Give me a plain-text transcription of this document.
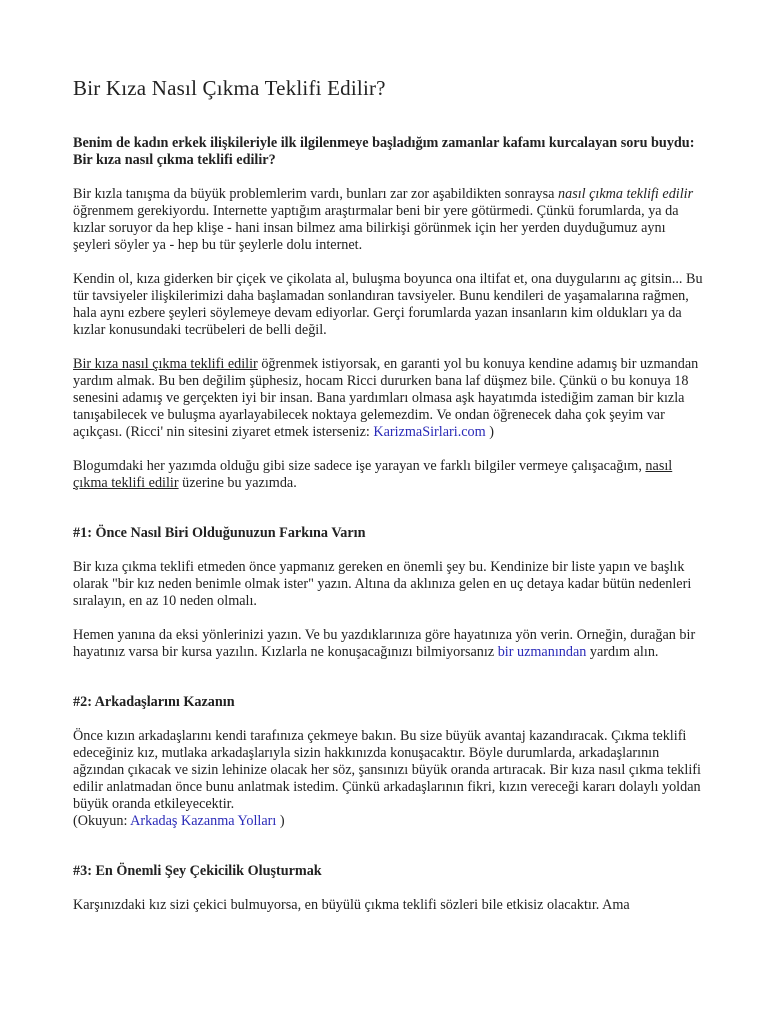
Bir Kıza Nasıl Çıkma Teklifi Edilir?

Benim de kadın erkek ilişkileriyle ilk ilgilenmeye başladığım zamanlar kafamı kurcalayan soru buydu: Bir kıza nasıl çıkma teklifi edilir?

Bir kızla tanışma da büyük problemlerim vardı, bunları zar zor aşabildikten sonraysa nasıl çıkma teklifi edilir öğrenmem gerekiyordu. Internette yaptığım araştırmalar beni bir yere götürmedi. Çünkü forumlarda, ya da kızlar soruyor da hep klişe - hani insan bilmez ama bilirkişi görünmek için her yerden duyduğumuz aynı şeyleri söyler ya - hep bu tür şeylerle dolu internet.

Kendin ol, kıza giderken bir çiçek ve çikolata al, buluşma boyunca ona iltifat et, ona duygularını aç gitsin... Bu tür tavsiyeler ilişkilerimizi daha başlamadan sonlandıran tavsiyeler. Bunu kendileri de yaşamalarına rağmen, hala aynı ezbere şeyleri söylemeye devam ediyorlar. Gerçi forumlarda yazan insanların kim oldukları ya da kızlar konusundaki tecrübeleri de belli değil.

Bir kıza nasıl çıkma teklifi edilir öğrenmek istiyorsak, en garanti yol bu konuya kendine adamış bir uzmandan yardım almak. Bu ben değilim şüphesiz, hocam Ricci dururken bana laf düşmez bile. Çünkü o bu konuya 18 senesini adamış ve gerçekten iyi bir insan. Bana yardımları olmasa aşk hayatımda istediğim zaman bir kızla tanışabilecek ve buluşma ayarlayabilecek noktaya gelemezdim. Ve ondan öğrenecek daha çok şeyim var açıkçası. (Ricci' nin sitesini ziyaret etmek isterseniz: KarizmaSirlari.com )

Blogumdaki her yazımda olduğu gibi size sadece işe yarayan ve farklı bilgiler vermeye çalışacağım, nasıl çıkma teklifi edilir üzerine bu yazımda.

#1: Önce Nasıl Biri Olduğunuzun Farkına Varın

Bir kıza çıkma teklifi etmeden önce yapmanız gereken en önemli şey bu. Kendinize bir liste yapın ve başlık olarak "bir kız neden benimle olmak ister" yazın. Altına da aklınıza gelen en uç detaya kadar bütün nedenleri sıralayın, en az 10 neden olmalı.

Hemen yanına da eksi yönlerinizi yazın. Ve bu yazdıklarınıza göre hayatınıza yön verin. Orneğin, durağan bir hayatınız varsa bir kursa yazılın. Kızlarla ne konuşacağınızı bilmiyorsanız bir uzmanından yardım alın.

#2: Arkadaşlarını Kazanın

Önce kızın arkadaşlarını kendi tarafınıza çekmeye bakın. Bu size büyük avantaj kazandıracak. Çıkma teklifi edeceğiniz kız, mutlaka arkadaşlarıyla sizin hakkınızda konuşacaktır. Böyle durumlarda, arkadaşlarının ağzından çıkacak ve sizin lehinize olacak her söz, şansınızı büyük oranda artıracak. Bir kıza nasıl çıkma teklifi edilir anlatmadan önce bunu anlatmak istedim. Çünkü arkadaşlarının fikri, kızın vereceği kararı dolaylı yoldan büyük oranda etkileyecektir.

(Okuyun: Arkadaş Kazanma Yolları )

#3: En Önemli Şey Çekicilik Oluşturmak

Karşınızdaki kız sizi çekici bulmuyorsa, en büyülü çıkma teklifi sözleri bile etkisiz olacaktır. Ama
